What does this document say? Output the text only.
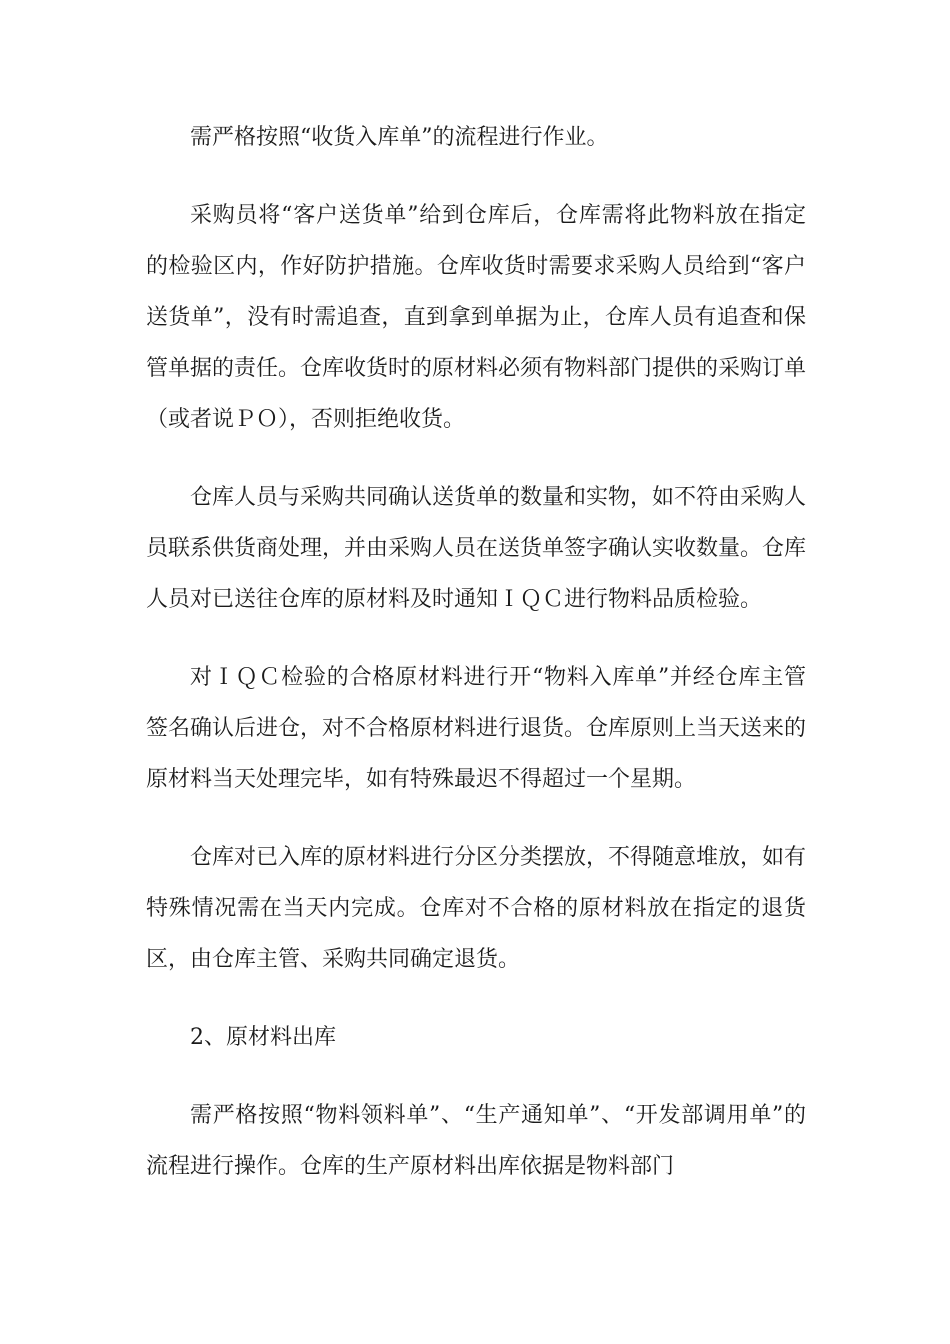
需严格按照“收货入库单”的流程进行作业。

采购员将“客户送货单”给到仓库后，仓库需将此物料放在指定的检验区内，作好防护措施。仓库收货时需要求采购人员给到“客户送货单”，没有时需追查，直到拿到单据为止，仓库人员有追查和保管单据的责任。仓库收货时的原材料必须有物料部门提供的采购订单（或者说ＰＯ），否则拒绝收货。

仓库人员与采购共同确认送货单的数量和实物，如不符由采购人员联系供货商处理，并由采购人员在送货单签字确认实收数量。仓库人员对已送往仓库的原材料及时通知ＩＱＣ进行物料品质检验。

对ＩＱＣ检验的合格原材料进行开“物料入库单”并经仓库主管签名确认后进仓，对不合格原材料进行退货。仓库原则上当天送来的原材料当天处理完毕，如有特殊最迟不得超过一个星期。

仓库对已入库的原材料进行分区分类摆放，不得随意堆放，如有特殊情况需在当天内完成。仓库对不合格的原材料放在指定的退货区，由仓库主管、采购共同确定退货。

2、原材料出库

需严格按照“物料领料单”、“生产通知单”、“开发部调用单”的流程进行操作。仓库的生产原材料出库依据是物料部门
